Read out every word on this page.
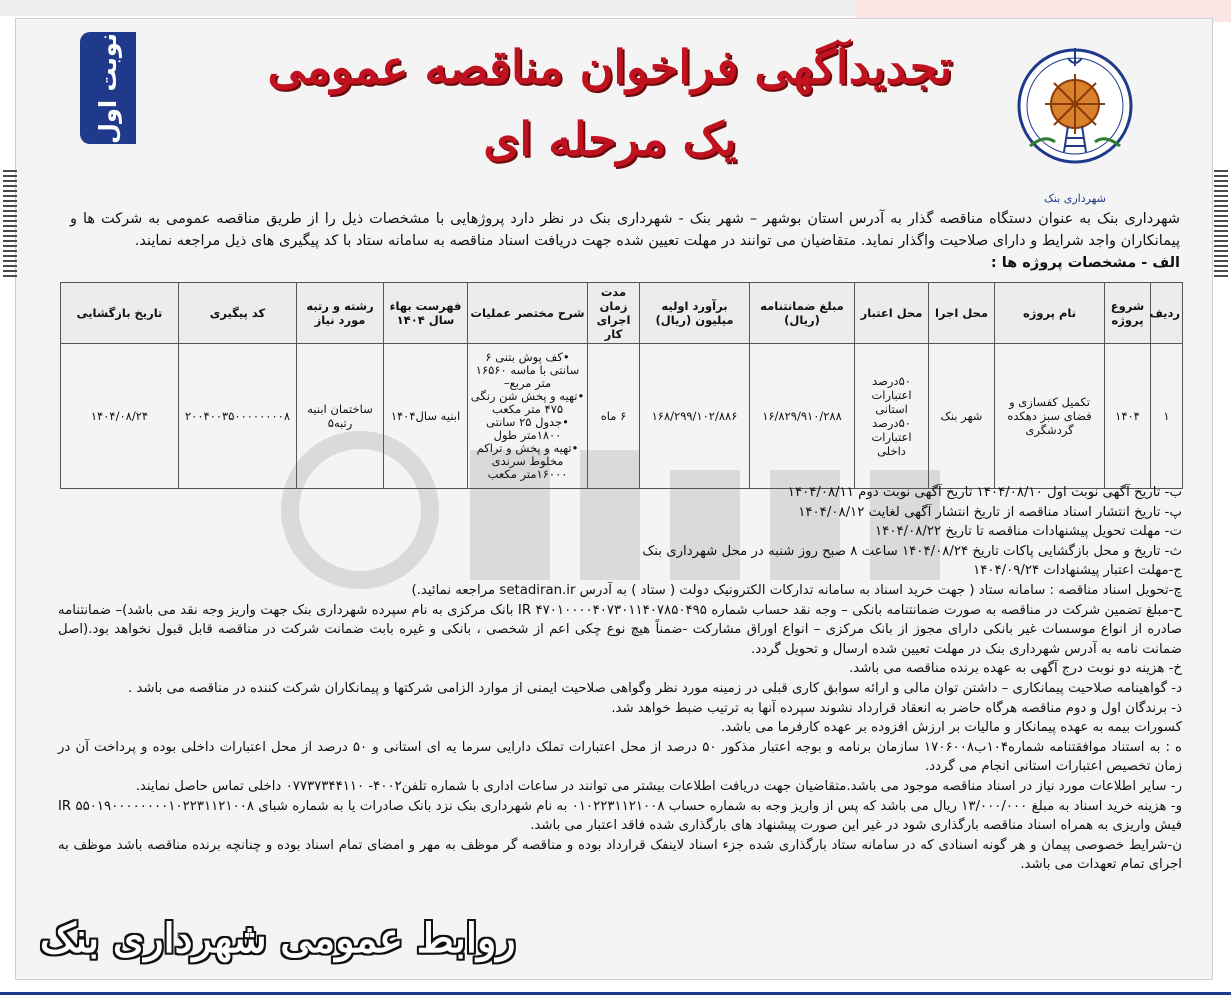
نوبت اول	تجدیدآگهی فراخوان مناقصه عمومی
یک مرحله ای
شهرداری بنک
شهرداری بنک به عنوان دستگاه مناقصه گذار به آدرس استان بوشهر – شهر بنک - شهرداری بنک در نظر دارد پروژهایی با مشخصات ذیل را از طریق مناقصه عمومی به شرکت ها و پیمانکاران واجد شرایط و دارای صلاحیت واگذار نماید. متقاضیان می توانند در مهلت تعیین شده جهت دریافت اسناد مناقصه به سامانه ستاد با کد پیگیری های ذیل مراجعه نمایند.
الف - مشخصات پروژه ها :
ردیف	شروع پروژه	نام پروژه	محل اجرا	محل اعتبار	مبلغ ضمانتنامه (ریال)	برآورد اولیه میلیون (ریال)	مدت زمان اجرای کار	شرح مختصر عملیات	فهرست بهاء سال ۱۴۰۴	رشته و رتبه مورد نیاز	کد پیگیری	تاریخ بازگشایی
۱	۱۴۰۴	تکمیل کفسازی و فضای سبز دهکده گردشگری	شهر بنک	۵۰درصد اعتبارات استانی ۵۰درصد اعتبارات داخلی	۱۶/۸۲۹/۹۱۰/۲۸۸	۱۶۸/۲۹۹/۱۰۲/۸۸۶	۶ ماه	•کف پوش بتنی ۶ سانتی با ماسه ۱۶۵۶۰ متر مربع–
•تهیه و پخش شن رنگی ۴۷۵ متر مکعب
•جدول ۲۵ سانتی ۱۸۰۰متر طول
•تهیه و پخش و تراکم مخلوط سرندی ۱۶۰۰۰متر مکعب	ابنیه سال۱۴۰۴	ساختمان ابنیه رتبه۵	۲۰۰۴۰۰۳۵۰۰۰۰۰۰۰۰۸	۱۴۰۴/۰۸/۲۴

ب- تاریخ آگهی نوبت اول ۱۴۰۴/۰۸/۱۰ تاریخ آگهی نوبت دوم ۱۴۰۴/۰۸/۱۱

پ- تاریخ انتشار اسناد مناقصه از تاریخ انتشار آگهی لغایت ۱۴۰۴/۰۸/۱۲

ت- مهلت تحویل پیشنهادات مناقصه تا تاریخ ۱۴۰۴/۰۸/۲۲

ث- تاریخ و محل بازگشایی پاکات تاریخ ۱۴۰۴/۰۸/۲۴ ساعت ۸ صبح روز شنبه در محل شهرداری بنک

ج-مهلت اعتبار پیشنهادات ۱۴۰۴/۰۹/۲۴

چ-تحویل اسناد مناقصه : سامانه ستاد ( جهت خرید اسناد به سامانه تدارکات الکترونیک دولت ( ستاد ) به آدرس setadiran.ir مراجعه نمائید.)

ح-مبلغ تضمین شرکت در مناقصه به صورت ضمانتنامه بانکی – وجه نقد حساب شماره IR ۴۷۰۱۰۰۰۰۴۰۷۳۰۱۱۴۰۷۸۵۰۴۹۵ بانک مرکزی به نام سپرده شهرداری بنک جهت واریز وجه نقد می باشد)– ضمانتنامه صادره از انواع موسسات غیر بانکی دارای مجوز از بانک مرکزی – انواع اوراق مشارکت -ضمناً هیچ نوع چکی اعم از شخصی ، بانکی و غیره بابت ضمانت شرکت در مناقصه قابل قبول نخواهد بود.(اصل ضمانت نامه به آدرس شهرداری بنک در مهلت تعیین شده ارسال و تحویل گردد.

خ- هزینه دو نوبت درج آگهی به عهده برنده مناقصه می باشد.

د- گواهینامه صلاحیت پیمانکاری – داشتن توان مالی و ارائه سوابق کاری قبلی در زمینه مورد نظر وگواهی صلاحیت ایمنی از موارد الزامی شرکتها و پیمانکاران شرکت کننده در مناقصه می باشد .

ذ- برندگان اول و دوم مناقصه هرگاه حاضر به انعقاد قرارداد نشوند سپرده آنها به ترتیب ضبط خواهد شد.

کسورات بیمه به عهده پیمانکار و مالیات بر ارزش افزوده بر عهده کارفرما می باشد.

ه : به استناد موافقتنامه شماره۱۰۴ب۱۷۰۶۰۰۸ سازمان برنامه و بوجه اعتبار مذکور ۵۰ درصد از محل اعتبارات تملک دارایی سرما یه ای استانی و ۵۰ درصد از محل اعتبارات داخلی بوده و پرداخت آن در زمان تخصیص اعتبارات استانی انجام می گردد.

ر- سایر اطلاعات مورد نیاز در اسناد مناقصه موجود می باشد.متقاضیان جهت دریافت اطلاعات بیشتر می توانند در ساعات اداری با شماره تلفن۴۰۰۲- ۰۷۷۳۷۳۴۴۱۱۰ داخلی تماس حاصل نمایند.

و- هزینه خرید اسناد به مبلغ ۱۳/۰۰۰/۰۰۰ ریال می باشد که پس از واریز وجه به شماره حساب ۰۱۰۲۲۳۱۱۲۱۰۰۸ به نام شهرداری بنک نزد بانک صادرات یا به شماره شبای IR ۵۵۰۱۹۰۰۰۰۰۰۰۰۱۰۲۲۳۱۱۲۱۰۰۸ فیش واریزی به همراه اسناد مناقصه بارگذاری شود در غیر این صورت پیشنهاد های بارگذاری شده فاقد اعتبار می باشد.

ن-شرایط خصوصی پیمان و هر گونه اسنادی که در سامانه ستاد بارگذاری شده جزء اسناد لاینفک قرارداد بوده و مناقصه گر موظف به مهر و امضای تمام اسناد بوده و چنانچه برنده مناقصه باشد موظف به اجرای تمام تعهدات می باشد.

روابط عمومی شهرداری بنک
